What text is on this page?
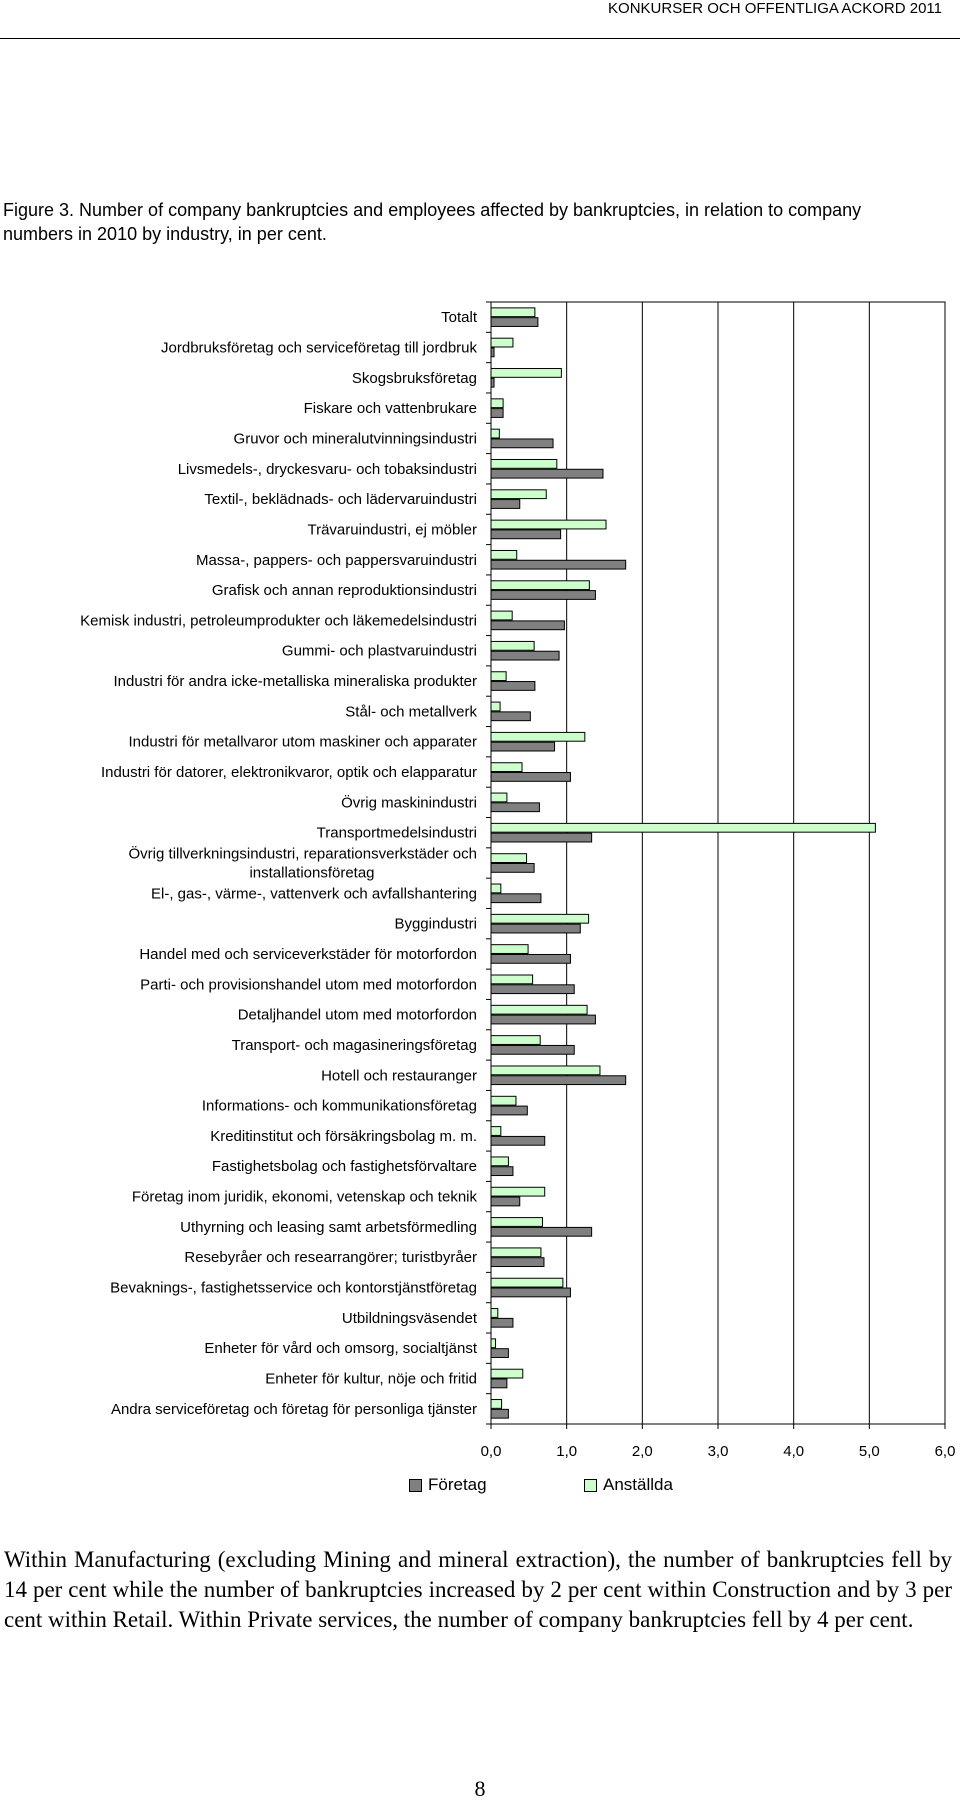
KONKURSER OCH OFFENTLIGA ACKORD 2011
Figure 3. Number of company bankruptcies and employees affected by bankruptcies, in relation to company numbers in 2010 by industry, in per cent.
0,0	1,0	2,0	3,0	4,0	5,0	6,0
Totalt
Jordbruksföretag och serviceföretag till jordbruk
Skogsbruksföretag
Fiskare och vattenbrukare
Gruvor och mineralutvinningsindustri
Livsmedels-, dryckesvaru- och tobaksindustri
Textil-, beklädnads- och lädervaruindustri
Trävaruindustri, ej möbler
Massa-, pappers- och pappersvaruindustri
Grafisk och annan reproduktionsindustri
Kemisk industri, petroleumprodukter och läkemedelsindustri
Gummi- och plastvaruindustri
Industri för andra icke-metalliska mineraliska produkter
Stål- och metallverk
Industri för metallvaror utom maskiner och apparater
Industri för datorer, elektronikvaror, optik och elapparatur
Övrig maskinindustri
Transportmedelsindustri
Övrig tillverkningsindustri, reparationsverkstäder och
installationsföretag
El-, gas-, värme-, vattenverk och avfallshantering
Byggindustri
Handel med och serviceverkstäder för motorfordon
Parti- och provisionshandel utom med motorfordon
Detaljhandel utom med motorfordon
Transport- och magasineringsföretag
Hotell och restauranger
Informations- och kommunikationsföretag
Kreditinstitut och försäkringsbolag m. m.
Fastighetsbolag och fastighetsförvaltare
Företag inom juridik, ekonomi, vetenskap och teknik
Uthyrning och leasing samt arbetsförmedling
Resebyråer och researrangörer; turistbyråer
Bevaknings-, fastighetsservice och kontorstjänstföretag
Utbildningsväsendet
Enheter för vård och omsorg, socialtjänst
Enheter för kultur, nöje och fritid
Andra serviceföretag och företag för personliga tjänster
Företag	Anställda
Within Manufacturing (excluding Mining and mineral extraction), the number of bankruptcies fell by 14 per cent while the number of bankruptcies increased by 2 per cent within Construction and by 3 per cent within Retail. Within Private services, the number of company bankruptcies fell by 4 per cent.
8
